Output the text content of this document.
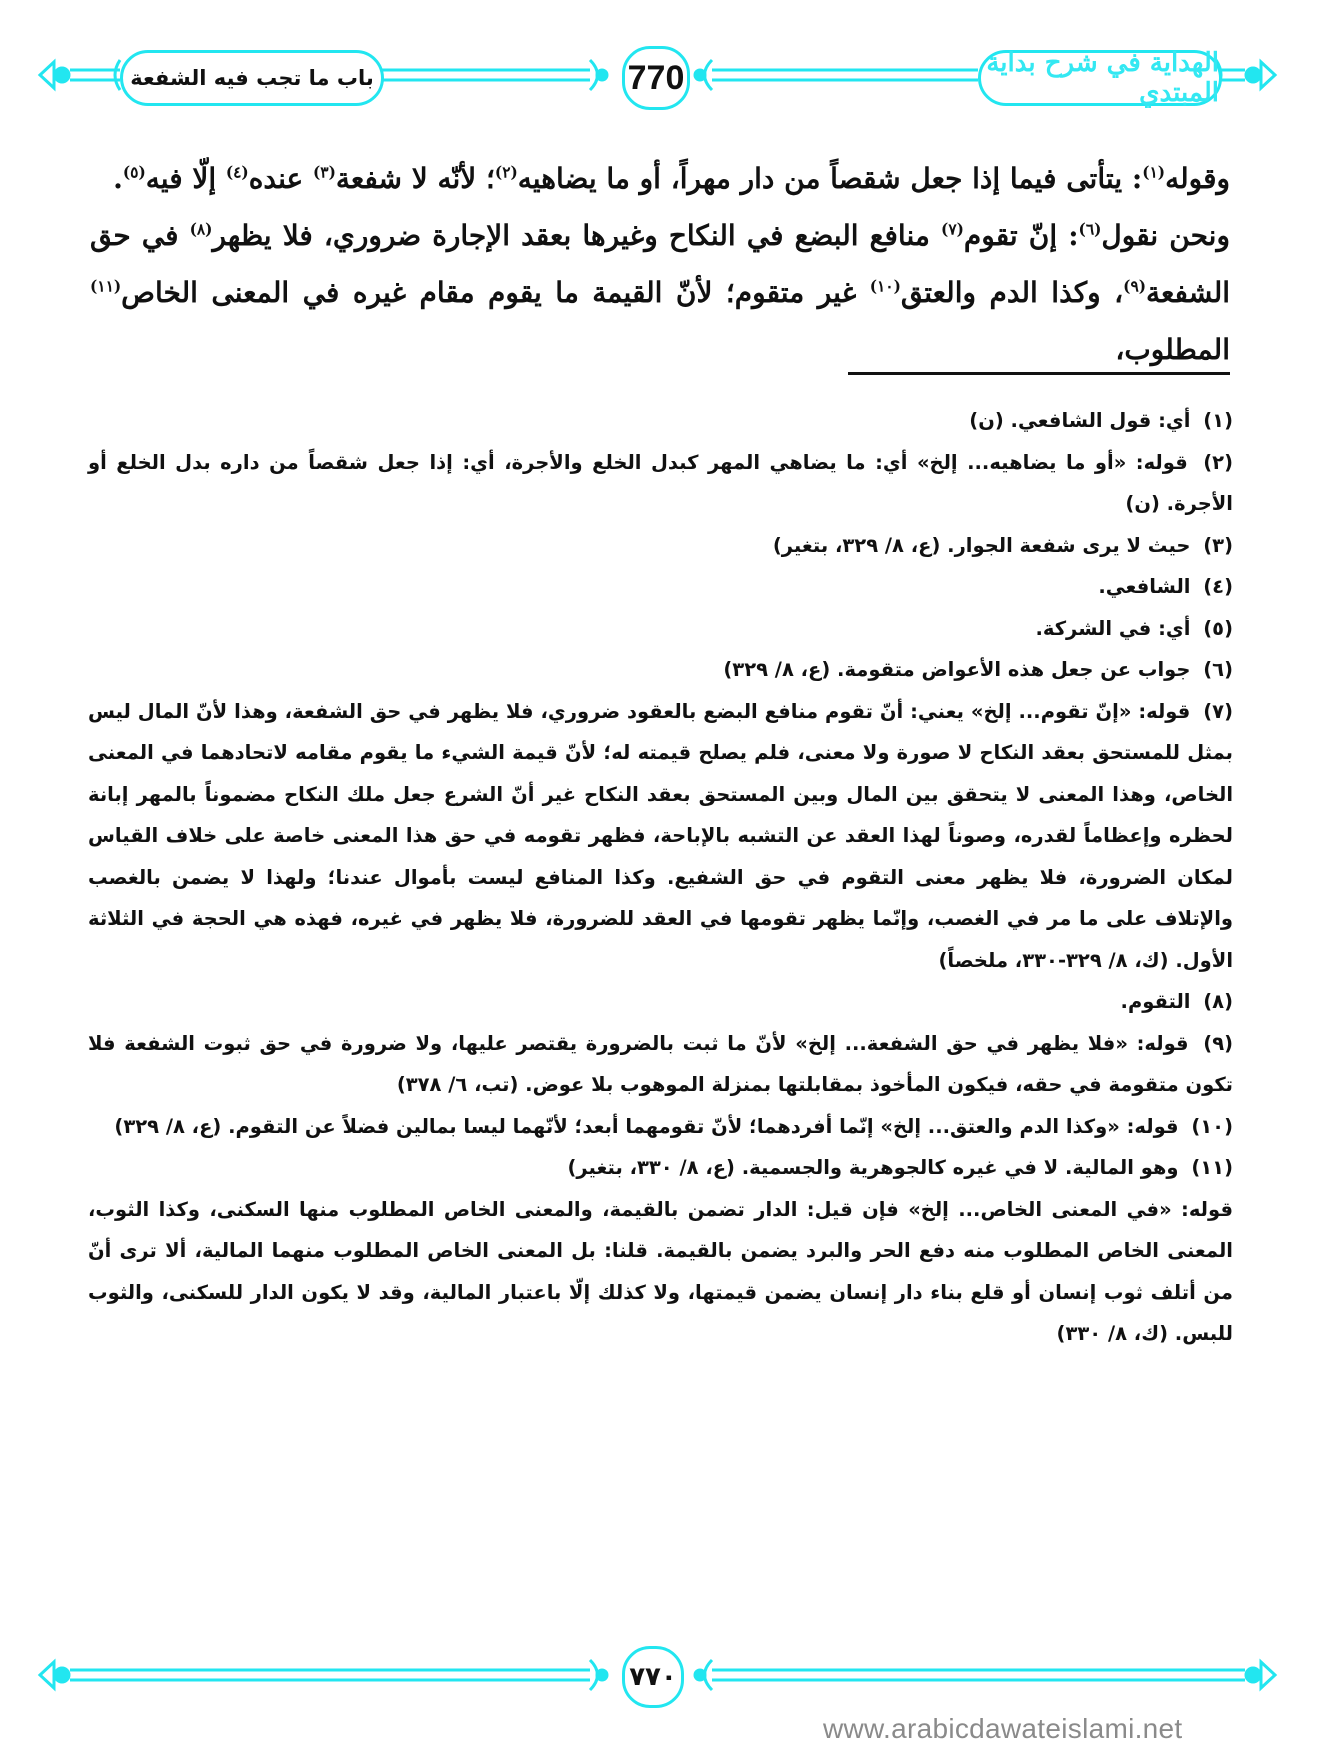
الهداية في شرح بداية المبتدي
770
باب ما تجب فيه الشفعة

وقوله$^{(١)}$: يتأتى فيما إذا جعل شقصاً من دار مهراً، أو ما يضاهيه$^{(٢)}$؛ لأنّه لا شفعة$^{(٣)}$ عنده$^{(٤)}$ إلّا فيه$^{(٥)}$.

ونحن نقول$^{(٦)}$: إنّ تقوم$^{(٧)}$ منافع البضع في النكاح وغيرها بعقد الإجارة ضروري، فلا يظهر$^{(٨)}$ في حق الشفعة$^{(٩)}$، وكذا الدم والعتق$^{(١٠)}$ غير متقوم؛ لأنّ القيمة ما يقوم مقام غيره في المعنى الخاص$^{(١١)}$ المطلوب،

(١) أي: قول الشافعي. (ن)

(٢) قوله: «أو ما يضاهيه... إلخ» أي: ما يضاهي المهر كبدل الخلع والأجرة، أي: إذا جعل شقصاً من داره بدل الخلع أو الأجرة. (ن)

(٣) حيث لا يرى شفعة الجوار. (ع، ٨/ ٣٢٩، بتغير)

(٤) الشافعي.

(٥) أي: في الشركة.

(٦) جواب عن جعل هذه الأعواض متقومة. (ع، ٨/ ٣٢٩)

(٧) قوله: «إنّ تقوم... إلخ» يعني: أنّ تقوم منافع البضع بالعقود ضروري، فلا يظهر في حق الشفعة، وهذا لأنّ المال ليس بمثل للمستحق بعقد النكاح لا صورة ولا معنى، فلم يصلح قيمته له؛ لأنّ قيمة الشيء ما يقوم مقامه لاتحادهما في المعنى الخاص، وهذا المعنى لا يتحقق بين المال وبين المستحق بعقد النكاح غير أنّ الشرع جعل ملك النكاح مضموناً بالمهر إبانة لحظره وإعظاماً لقدره، وصوناً لهذا العقد عن التشبه بالإباحة، فظهر تقومه في حق هذا المعنى خاصة على خلاف القياس لمكان الضرورة، فلا يظهر معنى التقوم في حق الشفيع. وكذا المنافع ليست بأموال عندنا؛ ولهذا لا يضمن بالغصب والإتلاف على ما مر في الغصب، وإنّما يظهر تقومها في العقد للضرورة، فلا يظهر في غيره، فهذه هي الحجة في الثلاثة الأول. (ك، ٨/ ٣٢٩-٣٣٠، ملخصاً)

(٨) التقوم.

(٩) قوله: «فلا يظهر في حق الشفعة... إلخ» لأنّ ما ثبت بالضرورة يقتصر عليها، ولا ضرورة في حق ثبوت الشفعة فلا تكون متقومة في حقه، فيكون المأخوذ بمقابلتها بمنزلة الموهوب بلا عوض. (تب، ٦/ ٣٧٨)

(١٠) قوله: «وكذا الدم والعتق... إلخ» إنّما أفردهما؛ لأنّ تقومهما أبعد؛ لأنّهما ليسا بمالين فضلاً عن التقوم. (ع، ٨/ ٣٢٩)

(١١) وهو المالية. لا في غيره كالجوهرية والجسمية. (ع، ٨/ ٣٣٠، بتغير)

قوله: «في المعنى الخاص... إلخ» فإن قيل: الدار تضمن بالقيمة، والمعنى الخاص المطلوب منها السكنى، وكذا الثوب، المعنى الخاص المطلوب منه دفع الحر والبرد يضمن بالقيمة. قلنا: بل المعنى الخاص المطلوب منهما المالية، ألا ترى أنّ من أتلف ثوب إنسان أو قلع بناء دار إنسان يضمن قيمتها، ولا كذلك إلّا باعتبار المالية، وقد لا يكون الدار للسكنى، والثوب للبس. (ك، ٨/ ٣٣٠)

٧٧٠
www.arabicdawateislami.net
